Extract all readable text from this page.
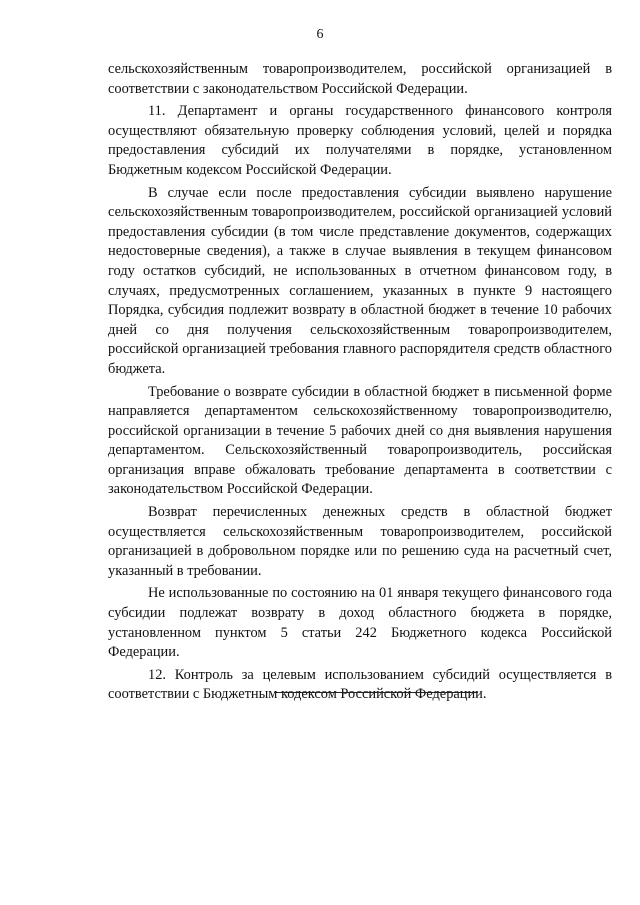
6

сельскохозяйственным товаропроизводителем, российской организацией в соответствии с законодательством Российской Федерации.

11. Департамент и органы государственного финансового контроля осуществляют обязательную проверку соблюдения условий, целей и порядка предоставления субсидий их получателями в порядке, установленном Бюджетным кодексом Российской Федерации.

В случае если после предоставления субсидии выявлено нарушение сельскохозяйственным товаропроизводителем, российской организацией условий предоставления субсидии (в том числе представление документов, содержащих недостоверные сведения), а также в случае выявления в текущем финансовом году остатков субсидий, не использованных в отчетном финансовом году, в случаях, предусмотренных соглашением, указанных в пункте 9 настоящего Порядка, субсидия подлежит возврату в областной бюджет в течение 10 рабочих дней со дня получения сельскохозяйственным товаропроизводителем, российской организацией требования главного распорядителя средств областного бюджета.

Требование о возврате субсидии в областной бюджет в письменной форме направляется департаментом сельскохозяйственному товаропроизводителю, российской организации в течение 5 рабочих дней со дня выявления нарушения департаментом. Сельскохозяйственный товаропроизводитель, российская организация вправе обжаловать требование департамента в соответствии с законодательством Российской Федерации.

Возврат перечисленных денежных средств в областной бюджет осуществляется сельскохозяйственным товаропроизводителем, российской организацией в добровольном порядке или по решению суда на расчетный счет, указанный в требовании.

Не использованные по состоянию на 01 января текущего финансового года субсидии подлежат возврату в доход областного бюджета в порядке, установленном пунктом 5 статьи 242 Бюджетного кодекса Российской Федерации.

12. Контроль за целевым использованием субсидий осуществляется в соответствии с Бюджетным кодексом Российской Федерации.
